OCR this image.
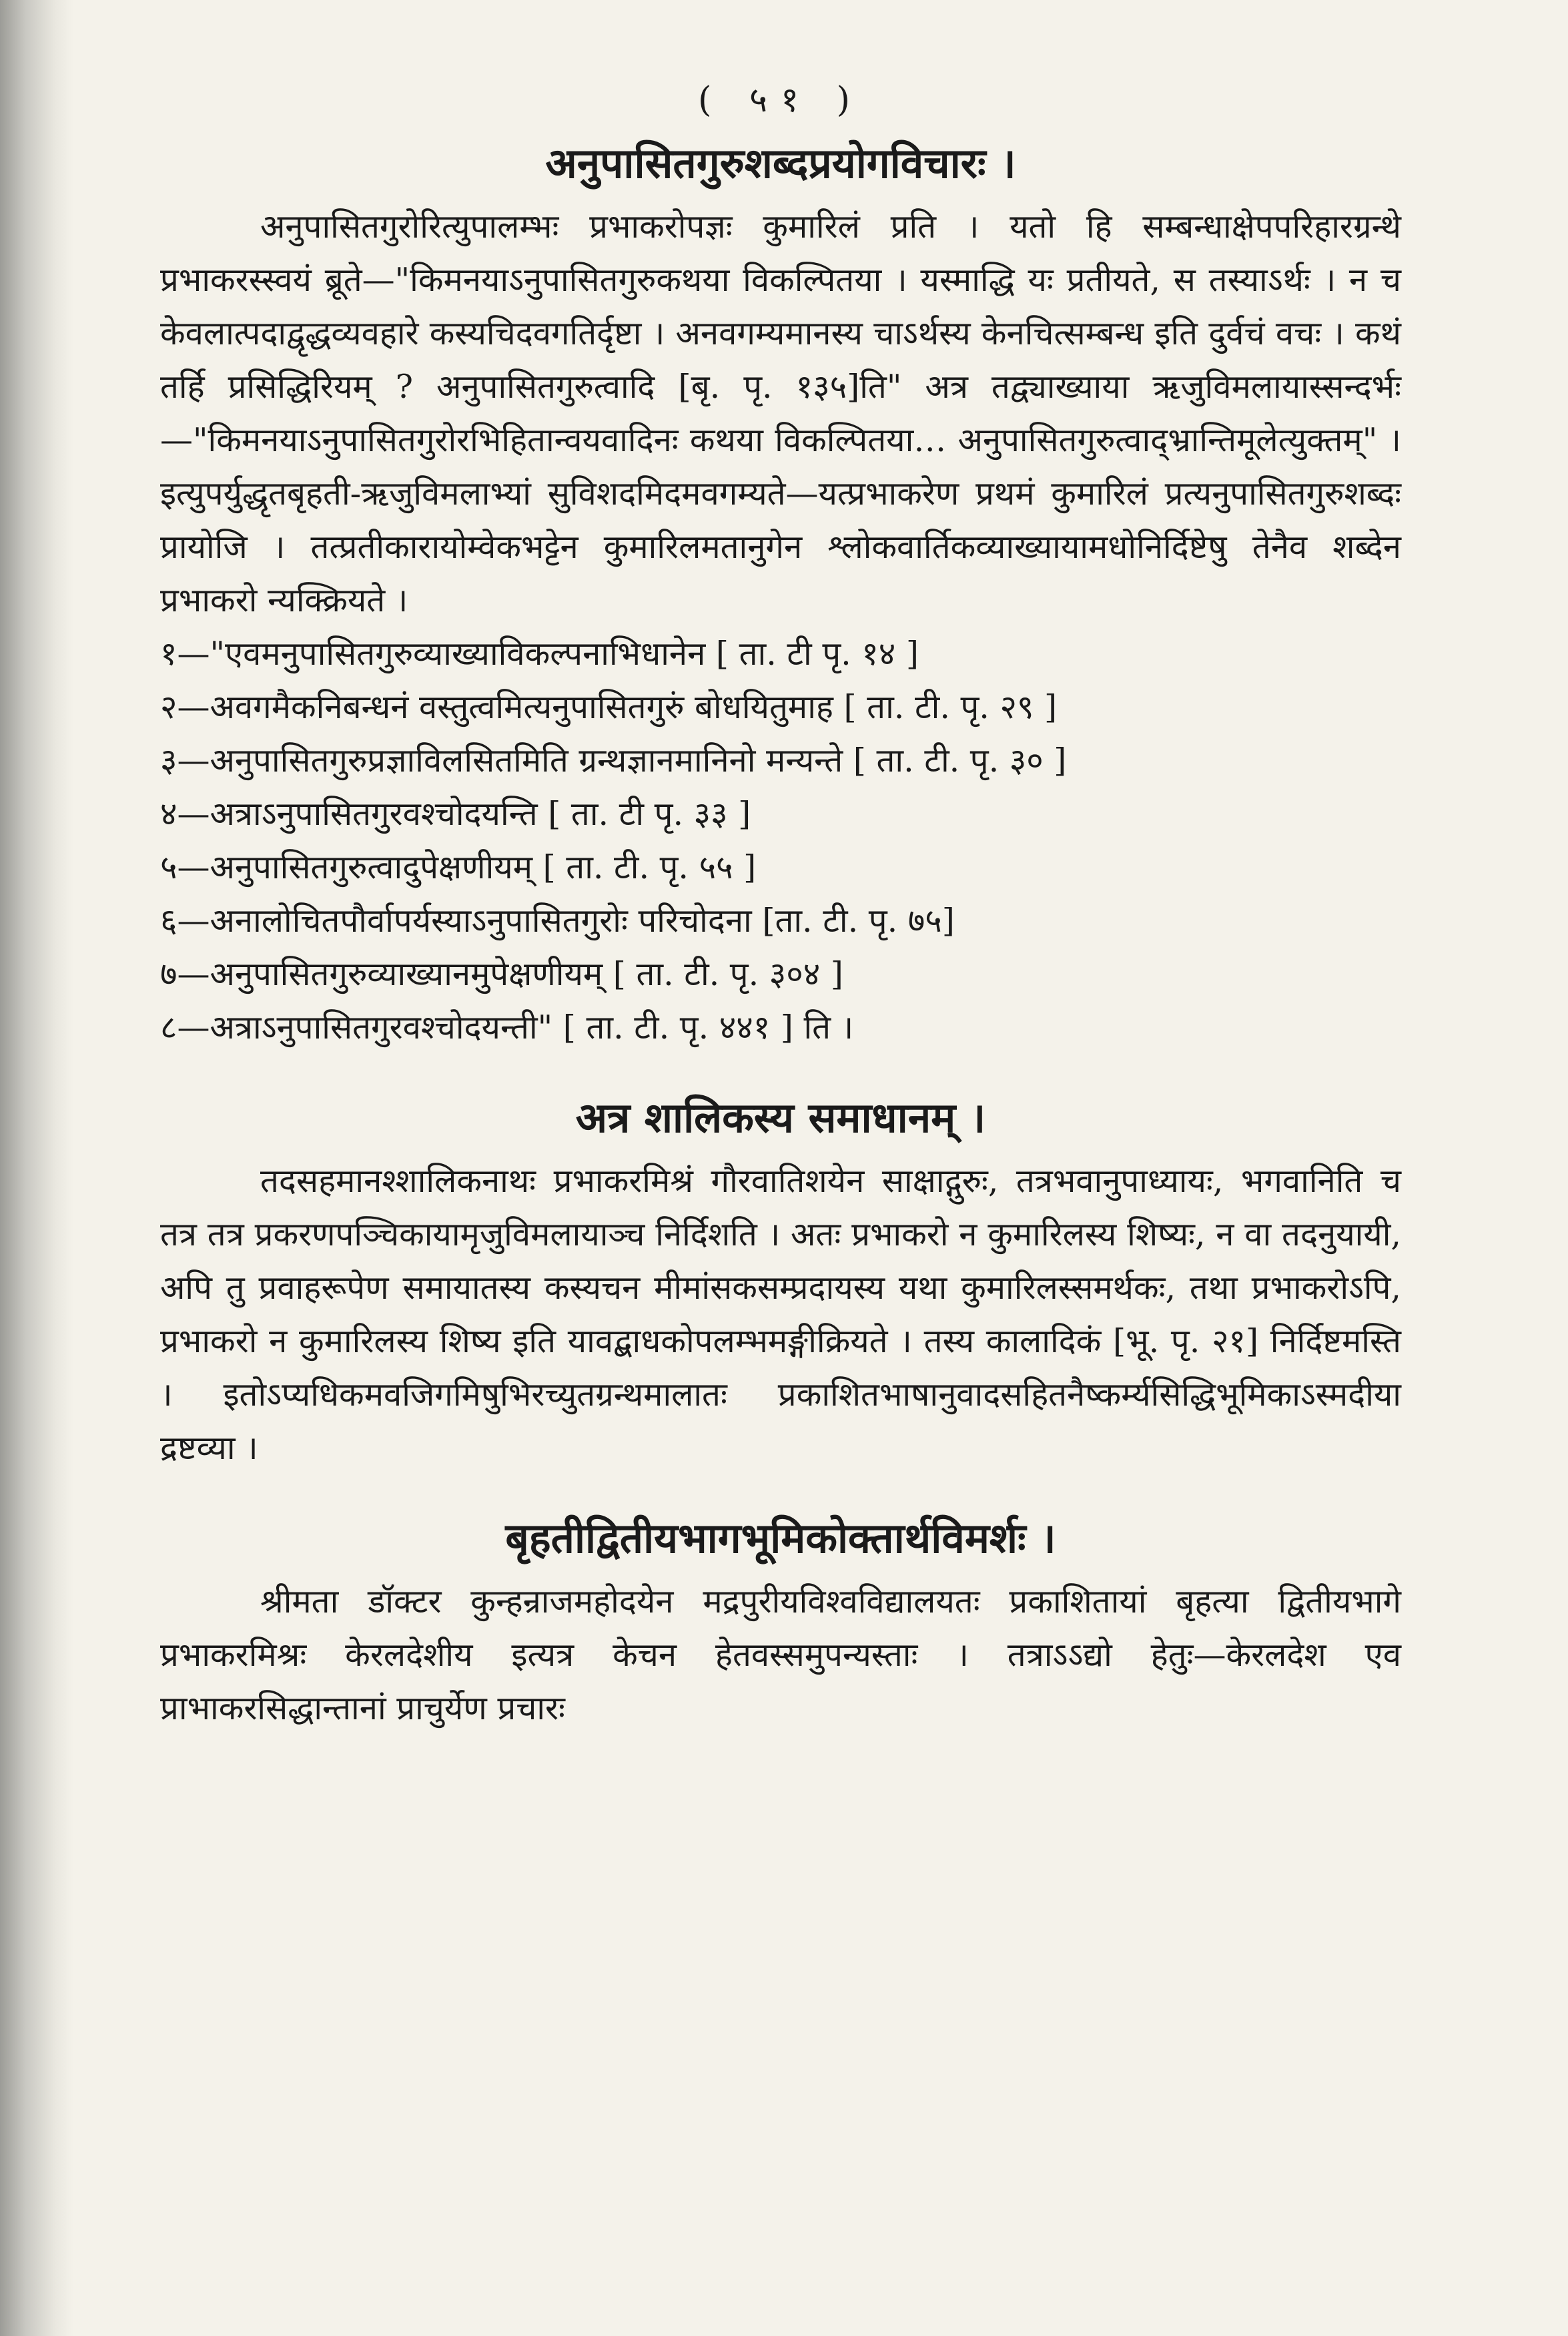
( ५१ )
अनुपासितगुरुशब्दप्रयोगविचारः ।

अनुपासितगुरोरित्युपालम्भः प्रभाकरोपज्ञः कुमारिलं प्रति । यतो हि सम्बन्धाक्षेपपरिहारग्रन्थे प्रभाकरस्स्वयं ब्रूते—"किमनयाऽनुपासितगुरुकथया विकल्पितया । यस्माद्धि यः प्रतीयते, स तस्याऽर्थः । न च केवलात्पदाद्वृद्धव्यवहारे कस्यचिदवगतिर्दृष्टा । अनवगम्यमानस्य चाऽर्थस्य केनचित्सम्बन्ध इति दुर्वचं वचः । कथं तर्हि प्रसिद्धिरियम् ? अनुपासितगुरुत्वादि [बृ. पृ. १३५]ति" अत्र तद्व्याख्याया ऋजुविमलायास्सन्दर्भः—"किमनयाऽनुपासितगुरोरभिहितान्वयवादिनः कथया विकल्पितया… अनुपासितगुरुत्वाद्भ्रान्तिमूलेत्युक्तम्" । इत्युपर्युद्धृतबृहती-ऋजुविमलाभ्यां सुविशदमिदमवगम्यते—यत्प्रभाकरेण प्रथमं कुमारिलं प्रत्यनुपासितगुरुशब्दः प्रायोजि । तत्प्रतीकारायोम्वेकभट्टेन कुमारिलमतानुगेन श्लोकवार्तिकव्याख्यायामधोनिर्दिष्टेषु तेनैव शब्देन प्रभाकरो न्यक्क्रियते ।

१—"एवमनुपासितगुरुव्याख्याविकल्पनाभिधानेन [ ता. टी पृ. १४ ]
२—अवगमैकनिबन्धनं वस्तुत्वमित्यनुपासितगुरुं बोधयितुमाह [ ता. टी. पृ. २९ ]
३—अनुपासितगुरुप्रज्ञाविलसितमिति ग्रन्थज्ञानमानिनो मन्यन्ते [ ता. टी. पृ. ३० ]
४—अत्राऽनुपासितगुरवश्चोदयन्ति [ ता. टी पृ. ३३ ]
५—अनुपासितगुरुत्वादुपेक्षणीयम् [ ता. टी. पृ. ५५ ]
६—अनालोचितपौर्वापर्यस्याऽनुपासितगुरोः परिचोदना [ता. टी. पृ. ७५]
७—अनुपासितगुरुव्याख्यानमुपेक्षणीयम् [ ता. टी. पृ. ३०४ ]
८—अत्राऽनुपासितगुरवश्चोदयन्ती" [ ता. टी. पृ. ४४१ ] ति ।
अत्र शालिकस्य समाधानम् ।

तदसहमानश्शालिकनाथः प्रभाकरमिश्रं गौरवातिशयेन साक्षाद्गुरुः, तत्रभवानुपाध्यायः, भगवानिति च तत्र तत्र प्रकरणपञ्चिकायामृजुविमलायाञ्च निर्दिशति । अतः प्रभाकरो न कुमारिलस्य शिष्यः, न वा तदनुयायी, अपि तु प्रवाहरूपेण समायातस्य कस्यचन मीमांसकसम्प्रदायस्य यथा कुमारिलस्समर्थकः, तथा प्रभाकरोऽपि, प्रभाकरो न कुमारिलस्य शिष्य इति यावद्बाधकोपलम्भमङ्गीक्रियते । तस्य कालादिकं [भू. पृ. २१] निर्दिष्टमस्ति । इतोऽप्यधिकमवजिगमिषुभिरच्युतग्रन्थमालातः प्रकाशितभाषानुवादसहितनैष्कर्म्यसिद्धिभूमिकाऽस्मदीया द्रष्टव्या ।

बृहतीद्वितीयभागभूमिकोक्तार्थविमर्शः ।

श्रीमता डॉक्टर कुन्हन्राजमहोदयेन मद्रपुरीयविश्वविद्यालयतः प्रकाशितायां बृहत्या द्वितीयभागे प्रभाकरमिश्रः केरलदेशीय इत्यत्र केचन हेतवस्समुपन्यस्ताः । तत्राऽऽद्यो हेतुः—केरलदेश एव प्राभाकरसिद्धान्तानां प्राचुर्येण प्रचारः
